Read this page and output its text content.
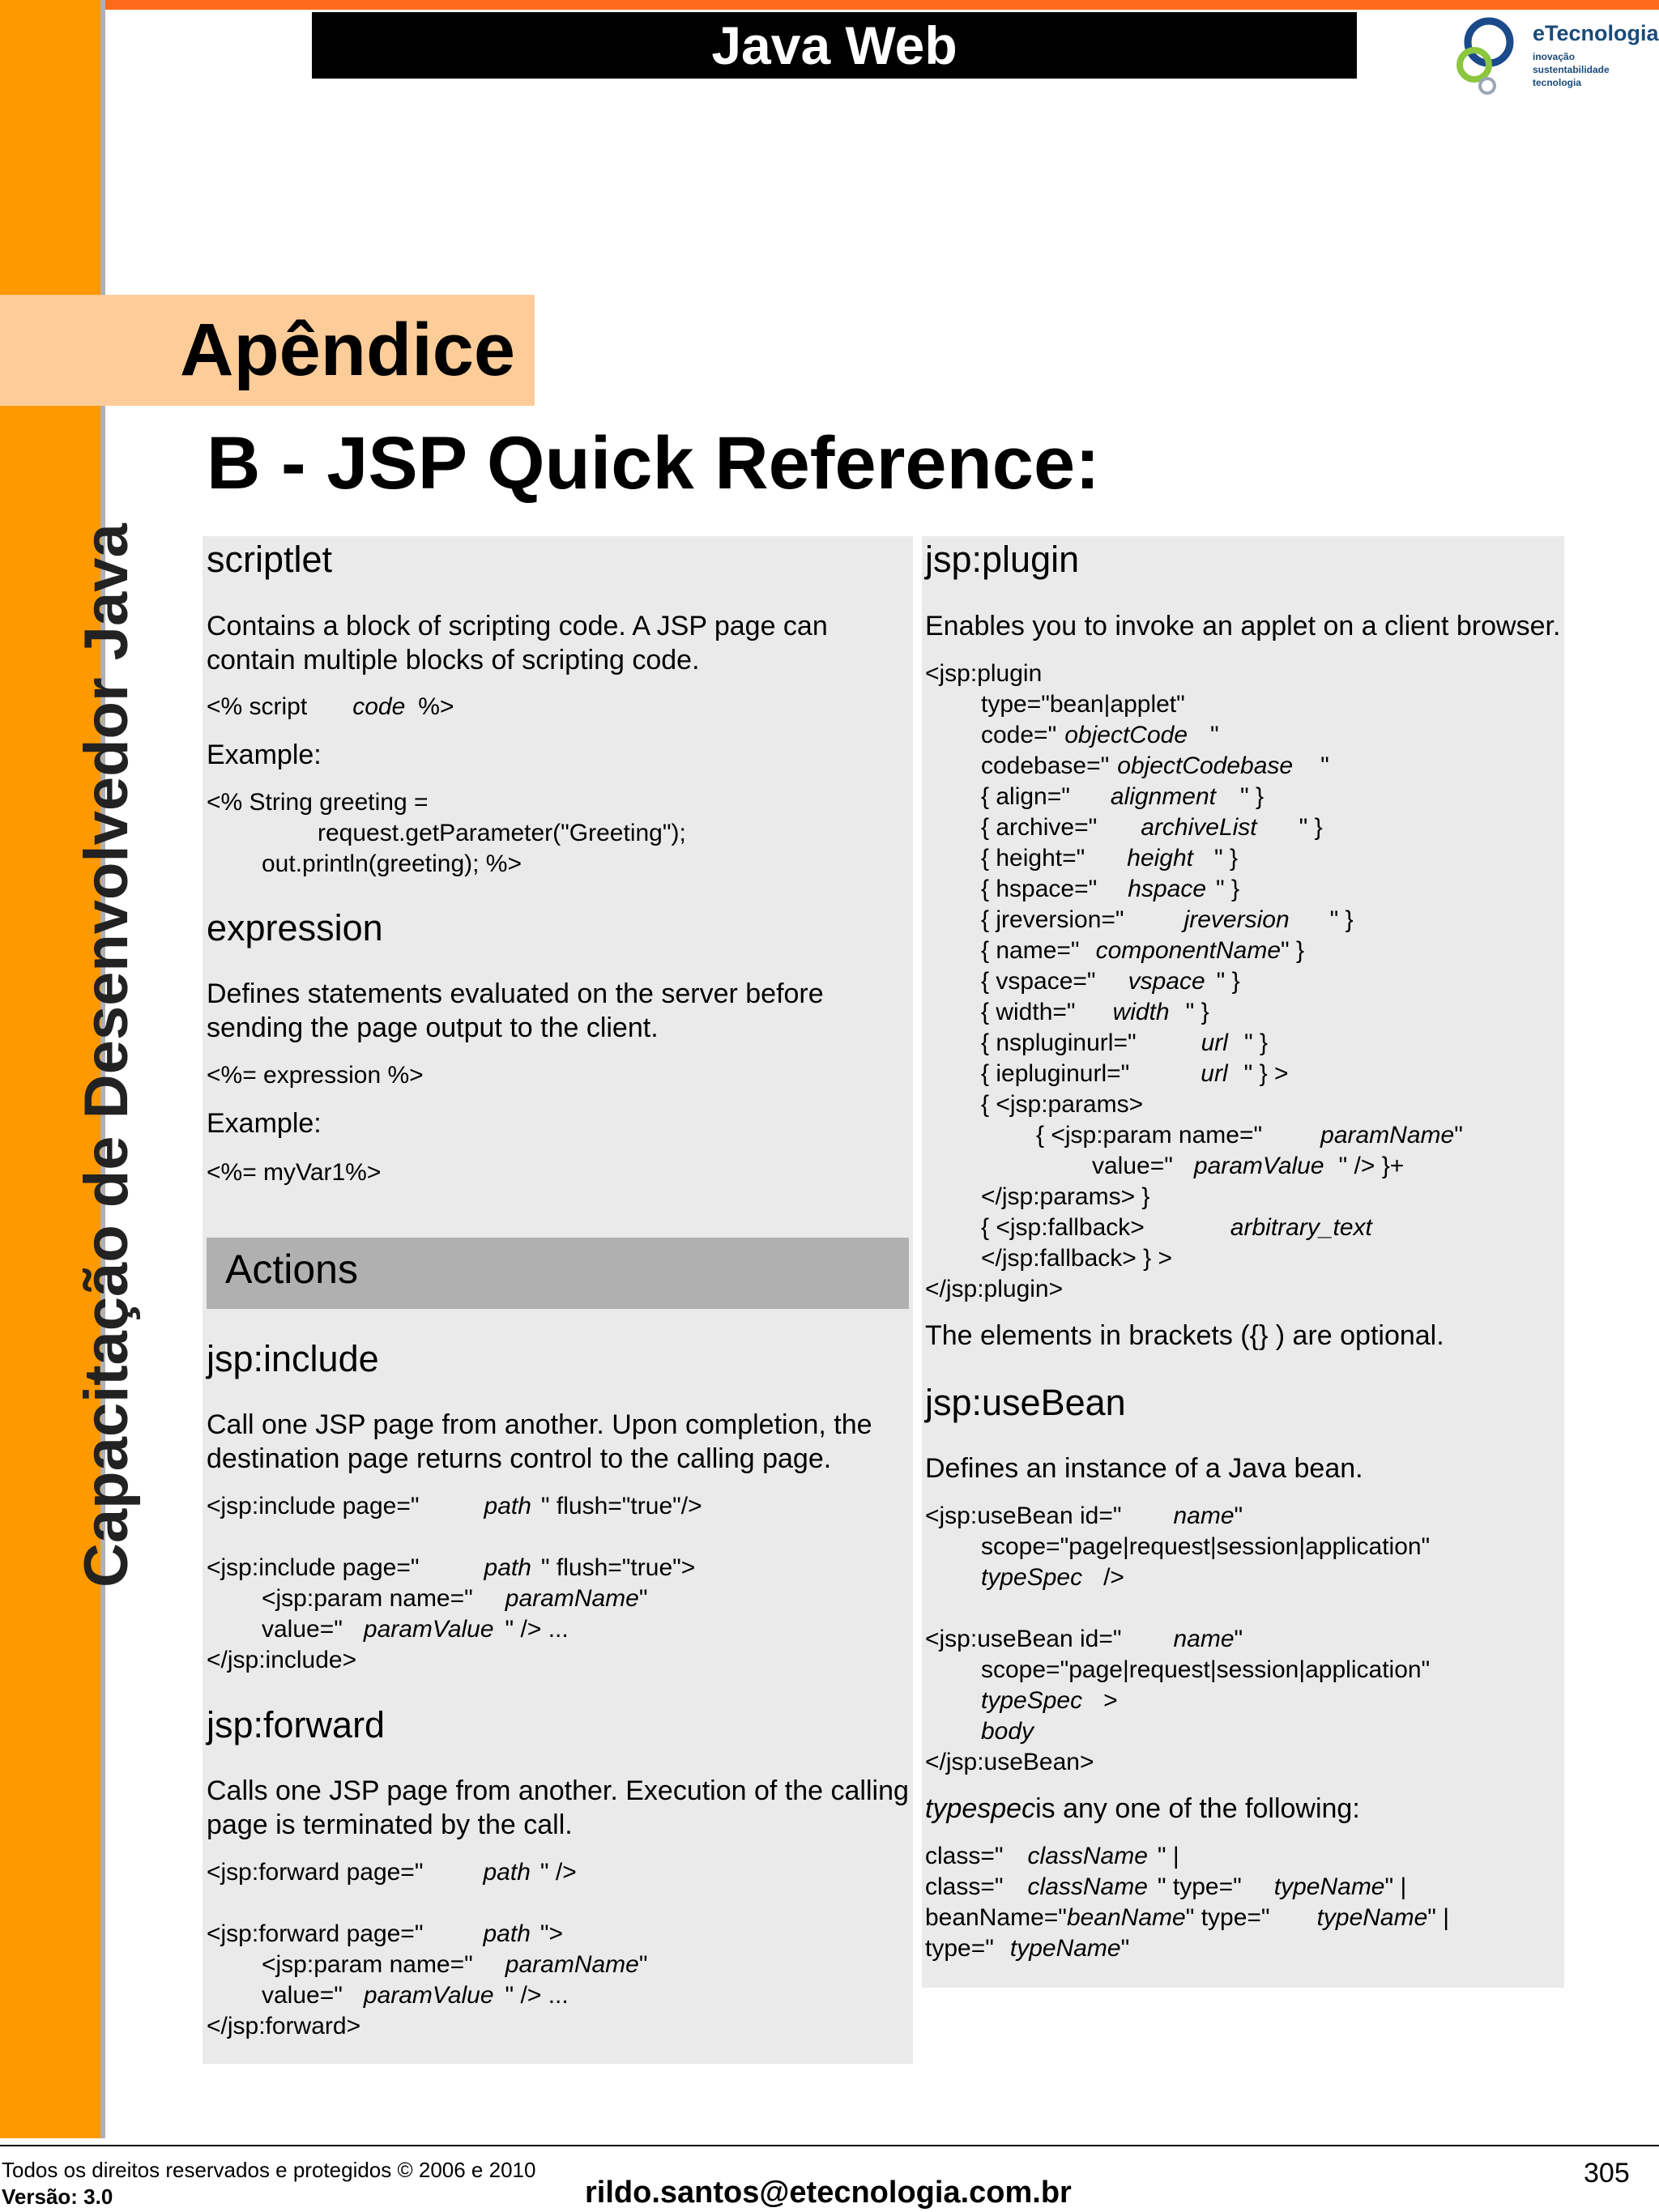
Java Web	eTecnologia
inovação
sustentabilidade
tecnologia
Capacitação de Desenvolvedor Java
Apêndice
B - JSP Quick Reference:
scriptlet
Contains a block of scripting code. A JSP page can
contain multiple blocks of scripting code.
<% script code %>
Example:
<% String greeting =
request.getParameter("Greeting");
out.println(greeting); %>
expression
Defines statements evaluated on the server before
sending the page output to the client.
<%= expression %>
Example:
<%= myVar1%>
Actions
jsp:include
Call one JSP page from another. Upon completion, the
destination page returns control to the calling page.
<jsp:include page="	path " flush="true"/>
<jsp:include page="	path " flush="true">
<jsp:param name=" paramName"
value=" paramValue " /> ...
</jsp:include>
jsp:forward
Calls one JSP page from another. Execution of the calling
page is terminated by the call.
<jsp:forward page=" path " />
<jsp:forward page=" path ">
<jsp:param name=" paramName"
value=" paramValue " /> ...
</jsp:forward>
jsp:plugin
Enables you to invoke an applet on a client browser.
<jsp:plugin
type="bean|applet"
code=" objectCode "
codebase=" objectCodebase "
{ align=" alignment " }
{ archive=" archiveList " }
{ height=" height " }
{ hspace=" hspace " }
{ jreversion=" jreversion " }
{ name=" componentName" }
{ vspace=" vspace " }
{ width=" width " }
{ nspluginurl="	url " }
{ iepluginurl="	url " } >
{ <jsp:params>
{ <jsp:param name=" paramName"
value=" paramValue " /> }+
</jsp:params> }
{ <jsp:fallback>	arbitrary_text
</jsp:fallback> } >
</jsp:plugin>
The elements in brackets ({} ) are optional.
jsp:useBean
Defines an instance of a Java bean.
<jsp:useBean id=" name"
scope="page|request|session|application"
typeSpec />
<jsp:useBean id=" name"
scope="page|request|session|application"
typeSpec >
body
</jsp:useBean>
typespecis any one of the following:
class=" className " |
class=" className " type=" typeName" |
beanName="beanName" type=" typeName" |
type=" typeName"
Todos os direitos reservados e protegidos © 2006 e 2010
Versão: 3.0	rildo.santos@etecnologia.com.br
305
